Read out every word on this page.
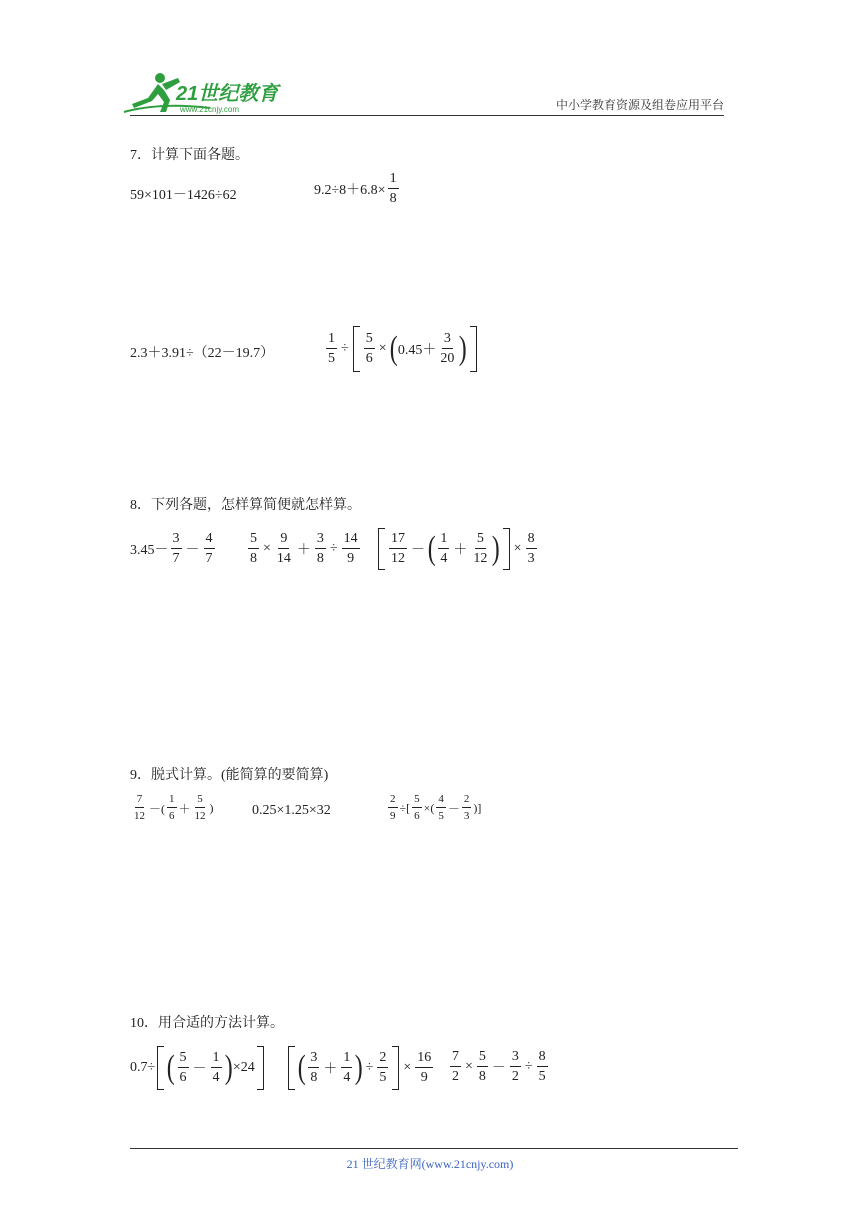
21世纪教育
www.21cnjy.com	中小学教育资源及组卷应用平台
7．计算下面各题。
59×101－1426÷62	$9.2\div 8+6.8\times \frac{1}{8}$
2.3＋3.91÷（22－19.7）	$\frac{1}{5} \div \frac{5}{6}$ × ( $0.45+ \frac{3}{20}$ )
8．下列各题，怎样算简便就怎样算。
$3.45- \frac{3}{7} - \frac{4}{7} \frac{5}{8} \times \frac{9}{14} + \frac{3}{8} \div \frac{14}{9} \frac{17}{12}$ － ( $\frac{1}{4} + \frac{5}{12}$ ) × $\frac{8}{3}$
9．脱式计算。(能简算的要简算)
$\frac{7}{12}$ －( $\frac{1}{6} + \frac{5}{12}$ )	0.25×1.25×32	$\frac{2}{9}$ ÷[ $\frac{5}{6}$ ×( $\frac{4}{5} - \frac{2}{3}$ )]
10．用合适的方法计算。
0.7÷ ( $\frac{5}{6} - \frac{1}{4}$ ) ×24 ( $\frac{3}{8} + \frac{1}{4}$ ) ÷ $\frac{2}{5} \times \frac{16}{9} \frac{7}{2} \times \frac{5}{8} - \frac{3}{2} \div \frac{8}{5}$
21 世纪教育网(www.21cnjy.com)
